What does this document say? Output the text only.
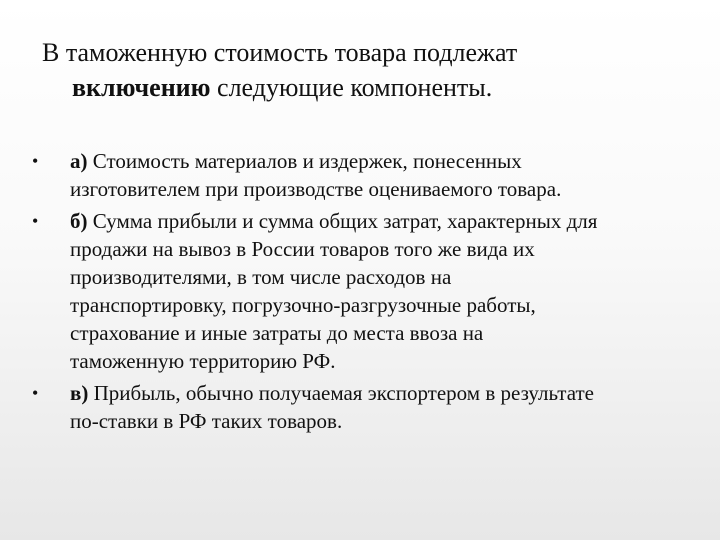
В таможенную стоимость товара подлежат
включению следующие компоненты.
•	а) Стоимость материалов и издержек, понесенных
изготовителем при производстве оцениваемого товара.
•	б) Сумма прибыли и сумма общих затрат, характерных для
продажи на вывоз в России товаров того же вида их
производителями, в том числе расходов на
транспортировку, погрузочно-разгрузочные работы,
страхование и иные затраты до места ввоза на
таможенную территорию РФ.
•	в) Прибыль, обычно получаемая экспортером в результате
по-ставки в РФ таких товаров.
